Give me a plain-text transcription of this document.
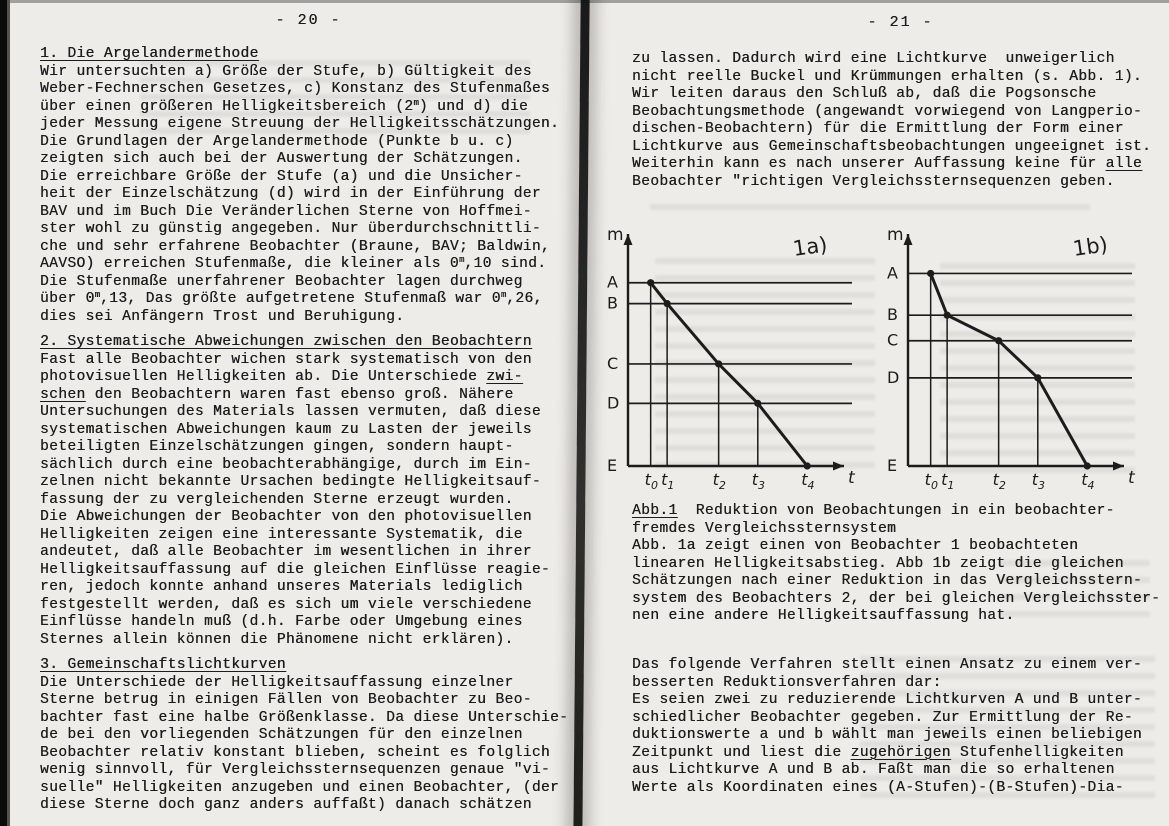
- 20 -
1. Die Argelandermethode
Wir untersuchten a) Größe der Stufe, b) Gültigkeit des
Weber-Fechnerschen Gesetzes, c) Konstanz des Stufenmaßes
über einen größeren Helligkeitsbereich (2$^m$) und d) die
jeder Messung eigene Streuung der Helligkeitsschätzungen.
Die Grundlagen der Argelandermethode (Punkte b u. c)
zeigten sich auch bei der Auswertung der Schätzungen.
Die erreichbare Größe der Stufe (a) und die Unsicher-
heit der Einzelschätzung (d) wird in der Einführung der
BAV und im Buch Die Veränderlichen Sterne von Hoffmei-
ster wohl zu günstig angegeben. Nur überdurchschnittli-
che und sehr erfahrene Beobachter (Braune, BAV; Baldwin,
AAVSO) erreichen Stufenmaße, die kleiner als 0$^m$,10 sind.
Die Stufenmaße unerfahrener Beobachter lagen durchweg
über 0$^m$,13, Das größte aufgetretene Stufenmaß war 0$^m$,26,
dies sei Anfängern Trost und Beruhigung.
2. Systematische Abweichungen zwischen den Beobachtern
Fast alle Beobachter wichen stark systematisch von den
photovisuellen Helligkeiten ab. Die Unterschiede zwi-
schen den Beobachtern waren fast ebenso groß. Nähere
Untersuchungen des Materials lassen vermuten, daß diese
systematischen Abweichungen kaum zu Lasten der jeweils
beteiligten Einzelschätzungen gingen, sondern haupt-
sächlich durch eine beobachterabhängige, durch im Ein-
zelnen nicht bekannte Ursachen bedingte Helligkeitsauf-
fassung der zu vergleichenden Sterne erzeugt wurden.
Die Abweichungen der Beobachter von den photovisuellen
Helligkeiten zeigen eine interessante Systematik, die
andeutet, daß alle Beobachter im wesentlichen in ihrer
Helligkeitsauffassung auf die gleichen Einflüsse reagie-
ren, jedoch konnte anhand unseres Materials lediglich
festgestellt werden, daß es sich um viele verschiedene
Einflüsse handeln muß (d.h. Farbe oder Umgebung eines
Sternes allein können die Phänomene nicht erklären).
3. Gemeinschaftslichtkurven
Die Unterschiede der Helligkeitsauffassung einzelner
Sterne betrug in einigen Fällen von Beobachter zu Beo-
bachter fast eine halbe Größenklasse. Da diese Unterschie-
de bei den vorliegenden Schätzungen für den einzelnen
Beobachter relativ konstant blieben, scheint es folglich
wenig sinnvoll, für Vergleichssternsequenzen genaue "vi-
suelle" Helligkeiten anzugeben und einen Beobachter, (der
diese Sterne doch ganz anders auffaßt) danach schätzen
- 21 -
zu lassen. Dadurch wird eine Lichtkurve  unweigerlich
nicht reelle Buckel und Krümmungen erhalten (s. Abb. 1).
Wir leiten daraus den Schluß ab, daß die Pogsonsche
Beobachtungsmethode (angewandt vorwiegend von Langperio-
dischen-Beobachtern) für die Ermittlung der Form einer
Lichtkurve aus Gemeinschaftsbeobachtungen ungeeignet ist.
Weiterhin kann es nach unserer Auffassung keine für alle
Beobachter "richtigen Vergleichssternsequenzen geben.
A
B
C
D
E
$t_0$ $t_1$ $t_2$ $t_3$ $t_4$
m
t
1a)
A
B
C
D
E
$t_0$ $t_1$ $t_2$ $t_3$ $t_4$
m
t
1b)
Abb.1  Reduktion von Beobachtungen in ein beobachter-
fremdes Vergleichssternsystem
Abb. 1a zeigt einen von Beobachter 1 beobachteten
linearen Helligkeitsabstieg. Abb 1b zeigt die gleichen
Schätzungen nach einer Reduktion in das Vergleichsstern-
system des Beobachters 2, der bei gleichen Vergleichsster-
nen eine andere Helligkeitsauffassung hat.
Das folgende Verfahren stellt einen Ansatz zu einem ver-
besserten Reduktionsverfahren dar:
Es seien zwei zu reduzierende Lichtkurven A und B unter-
schiedlicher Beobachter gegeben. Zur Ermittlung der Re-
duktionswerte a und b wählt man jeweils einen beliebigen
Zeitpunkt und liest die zugehörigen Stufenhelligkeiten
aus Lichtkurve A und B ab. Faßt man die so erhaltenen
Werte als Koordinaten eines (A-Stufen)-(B-Stufen)-Dia-
